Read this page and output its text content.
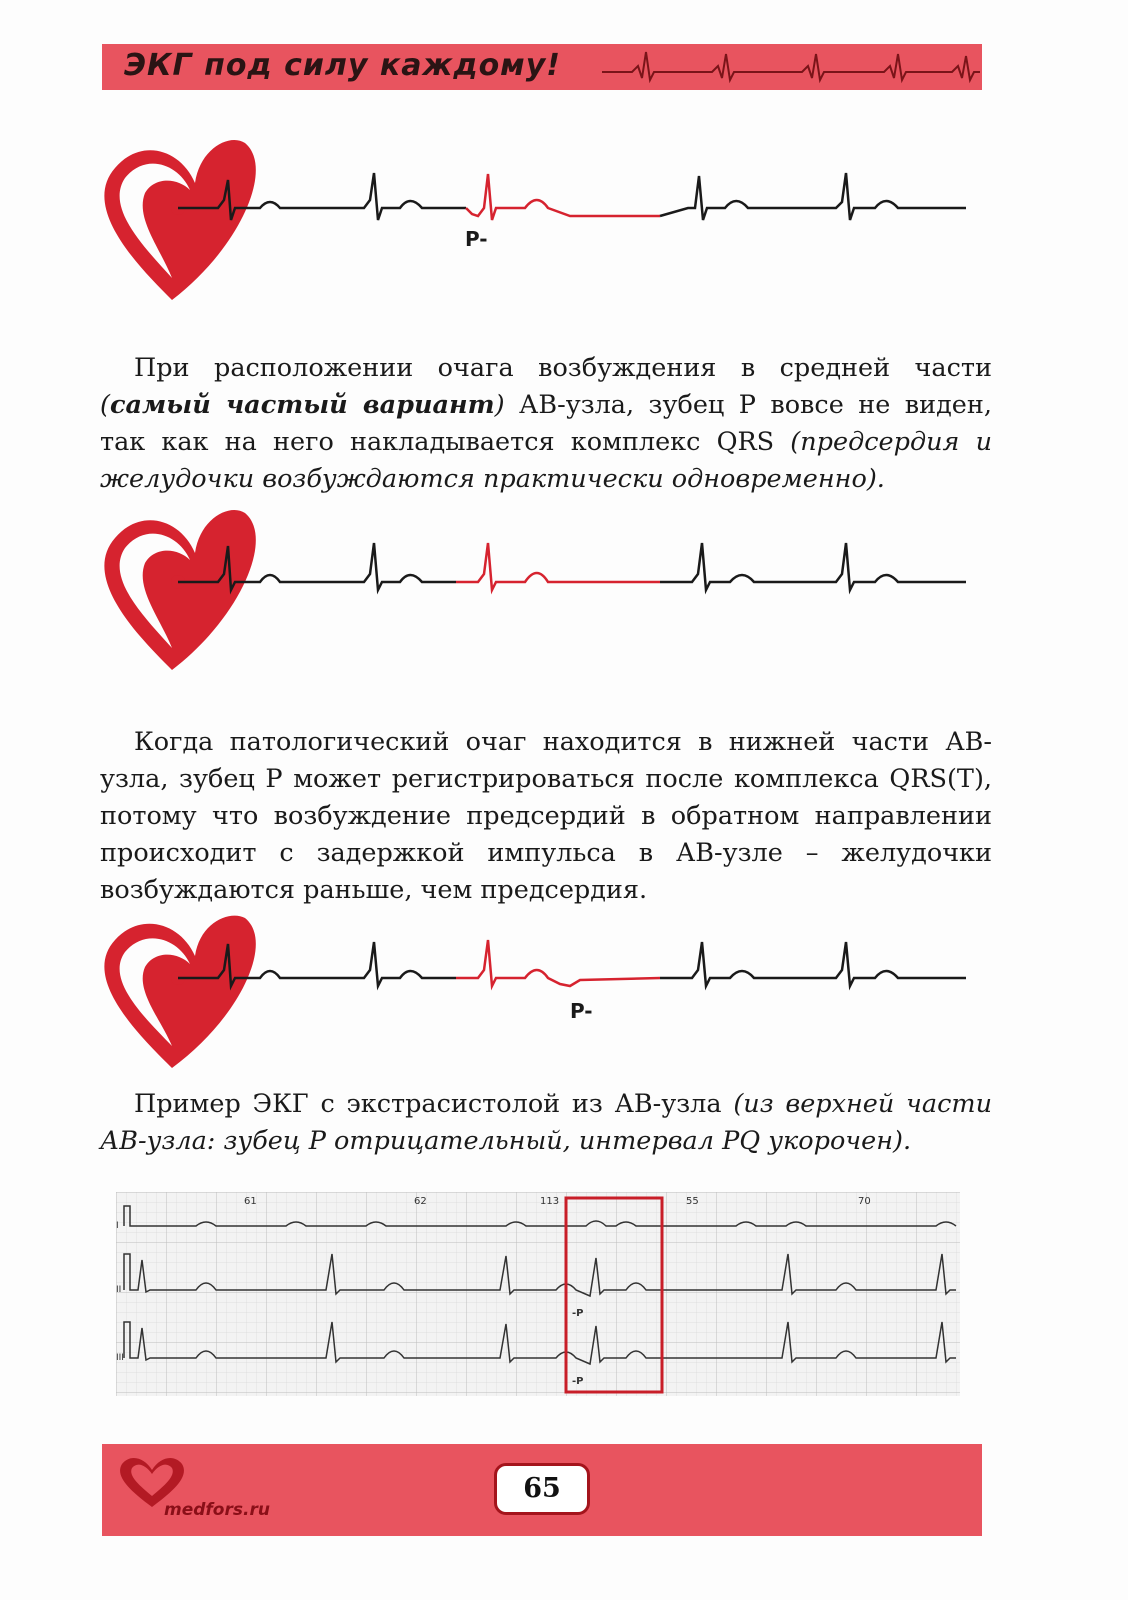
ЭКГ под силу каждому!
P-

При расположении очага возбуждения в средней части (самый частый вариант) АВ-узла, зубец Р вовсе не виден, так как на него накладывается комплекс QRS (предсердия и желудочки возбуждаются практически одновременно).

Когда патологический очаг находится в нижней части АВ-узла, зубец Р может регистрироваться после комплекса QRS(T), потому что возбуждение предсердий в обратном направлении происходит с задержкой импульса в АВ-узле – желудочки возбуждаются раньше, чем предсердия.

P-

Пример ЭКГ с экстрасистолой из АВ-узла (из верхней части АВ-узла: зубец Р отрицательный, интервал PQ укорочен).

61	62	113	55	70
I
II
III
-P
-P
medfors.ru
65
